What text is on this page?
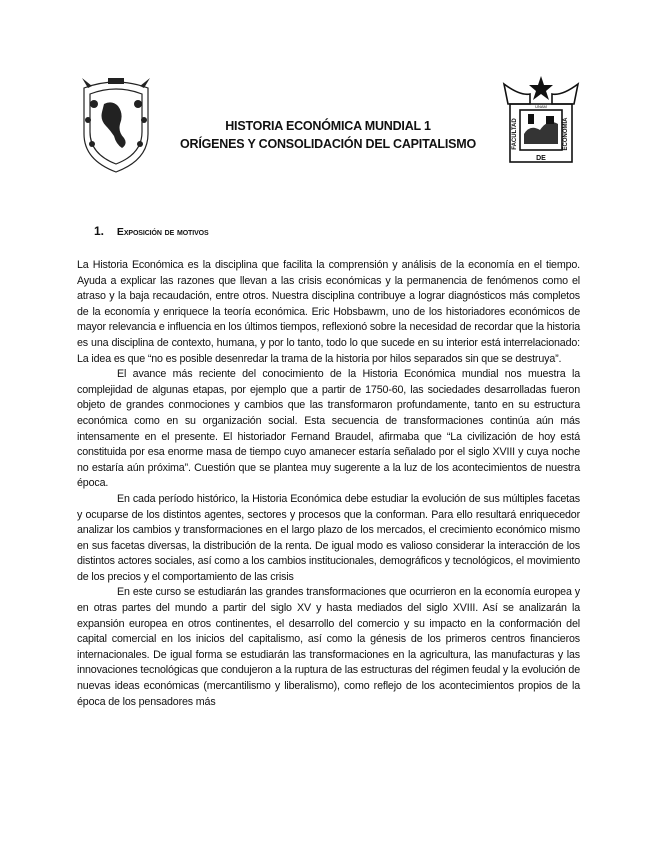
UNAM
FACULTAD	ECONOMÍA
DE
HISTORIA ECONÓMICA MUNDIAL 1
ORÍGENES Y CONSOLIDACIÓN DEL CAPITALISMO
1. Exposición de motivos

La Historia Económica es la disciplina que facilita la comprensión y análisis de la economía en el tiempo. Ayuda a explicar las razones que llevan a las crisis económicas y la permanencia de fenómenos como el atraso y la baja recaudación, entre otros. Nuestra disciplina contribuye a lograr diagnósticos más completos de la economía y enriquece la teoría económica. Eric Hobsbawm, uno de los historiadores económicos de mayor relevancia e influencia en los últimos tiempos, reflexionó sobre la necesidad de recordar que la historia es una disciplina de contexto, humana, y por lo tanto, todo lo que sucede en su interior está interrelacionado: La idea es que “no es posible desenredar la trama de la historia por hilos separados sin que se destruya”.

El avance más reciente del conocimiento de la Historia Económica mundial nos muestra la complejidad de algunas etapas, por ejemplo que a partir de 1750-60, las sociedades desarrolladas fueron objeto de grandes conmociones y cambios que las transformaron profundamente, tanto en su estructura económica como en su organización social. Esta secuencia de transformaciones continúa aún más intensamente en el presente. El historiador Fernand Braudel, afirmaba que “La civilización de hoy está constituida por esa enorme masa de tiempo cuyo amanecer estaría señalado por el siglo XVIII y cuya noche no estaría aún próxima”. Cuestión que se plantea muy sugerente a la luz de los acontecimientos de nuestra época.

En cada período histórico, la Historia Económica debe estudiar la evolución de sus múltiples facetas y ocuparse de los distintos agentes, sectores y procesos que la conforman. Para ello resultará enriquecedor analizar los cambios y transformaciones en el largo plazo de los mercados, el crecimiento económico mismo en sus facetas diversas, la distribución de la renta. De igual modo es valioso considerar la interacción de los distintos actores sociales, así como a los cambios institucionales, demográficos y tecnológicos, el movimiento de los precios y el comportamiento de las crisis

En este curso se estudiarán las grandes transformaciones que ocurrieron en la economía europea y en otras partes del mundo a partir del siglo XV y hasta mediados del siglo XVIII. Así se analizarán la expansión europea en otros continentes, el desarrollo del comercio y su impacto en la conformación del capital comercial en los inicios del capitalismo, así como la génesis de los primeros centros financieros internacionales. De igual forma se estudiarán las transformaciones en la agricultura, las manufacturas y las innovaciones tecnológicas que condujeron a la ruptura de las estructuras del régimen feudal y la evolución de nuevas ideas económicas (mercantilismo y liberalismo), como reflejo de los acontecimientos propios de la época de los pensadores más
